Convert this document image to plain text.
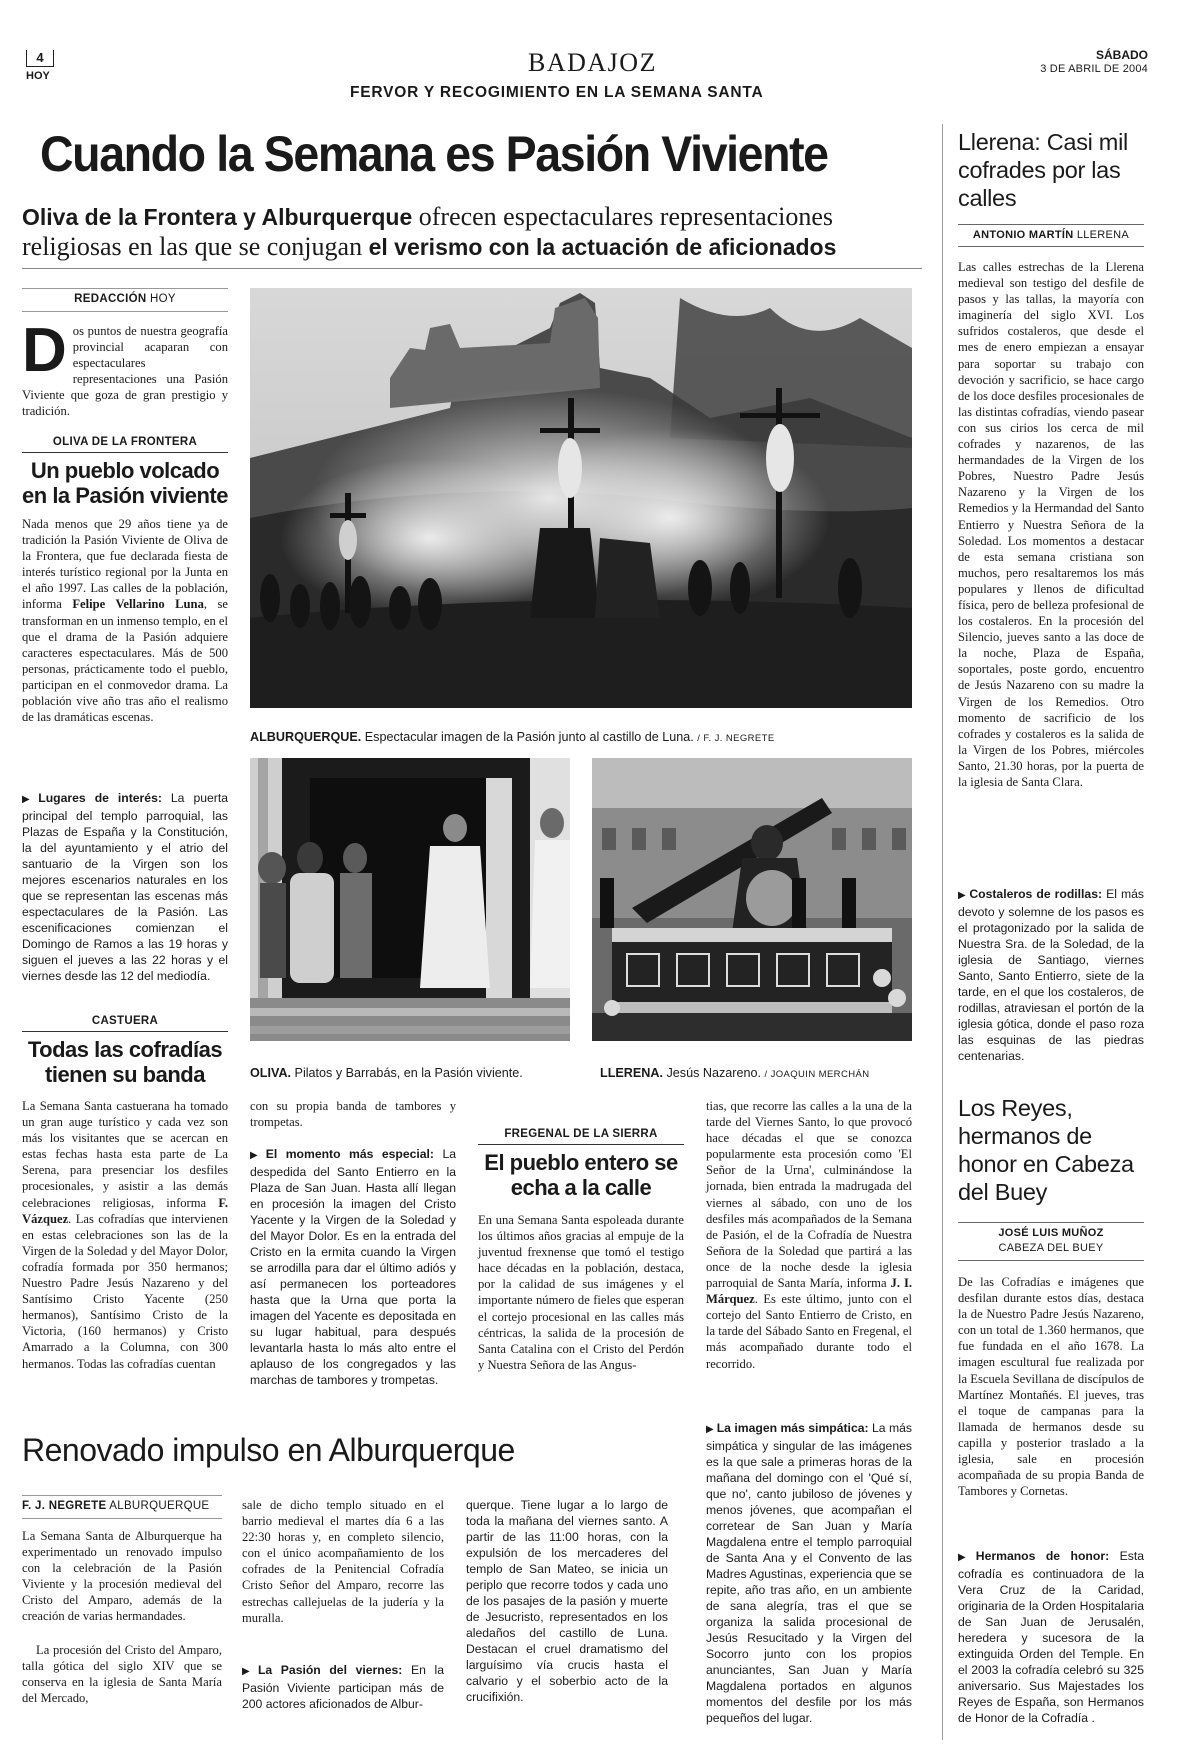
4
HOY	BADAJOZ
FERVOR Y RECOGIMIENTO EN LA SEMANA SANTA
SÁBADO
3 DE ABRIL DE 2004
Cuando la Semana es Pasión Viviente
Oliva de la Frontera y Alburquerque ofrecen espectaculares representaciones religiosas en las que se conjugan el verismo con la actuación de aficionados
REDACCIÓN HOY
D os puntos de nuestra geografía provincial acaparan con espectaculares representaciones una Pasión Viviente que goza de gran prestigio y tradición.
OLIVA DE LA FRONTERA
Un pueblo volcado en la Pasión viviente
Nada menos que 29 años tiene ya de tradición la Pasión Viviente de Oliva de la Frontera, que fue declarada fiesta de interés turístico regional por la Junta en el año 1997. Las calles de la población, informa Felipe Vellarino Luna, se transforman en un inmenso templo, en el que el drama de la Pasión adquiere caracteres espectaculares. Más de 500 personas, prácticamente todo el pueblo, participan en el conmovedor drama. La población vive año tras año el realismo de las dramáticas escenas.
▶ Lugares de interés: La puerta principal del templo parroquial, las Plazas de España y la Constitución, la del ayuntamiento y el atrio del santuario de la Virgen son los mejores escenarios naturales en los que se representan las escenas más espectaculares de la Pasión. Las escenificaciones comienzan el Domingo de Ramos a las 19 horas y siguen el jueves a las 22 horas y el viernes desde las 12 del mediodía.
CASTUERA
Todas las cofradías tienen su banda
La Semana Santa castuerana ha tomado un gran auge turístico y cada vez son más los visitantes que se acercan en estas fechas hasta esta parte de La Serena, para presenciar los desfiles procesionales, y asistir a las demás celebraciones religiosas, informa F. Vázquez. Las cofradías que intervienen en estas celebraciones son las de la Virgen de la Soledad y del Mayor Dolor, cofradía formada por 350 hermanos; Nuestro Padre Jesús Nazareno y del Santísimo Cristo Yacente (250 hermanos), Santísimo Cristo de la Victoria, (160 hermanos) y Cristo Amarrado a la Columna, con 300 hermanos. Todas las cofradías cuentan
ALBURQUERQUE. Espectacular imagen de la Pasión junto al castillo de Luna. / F. J. NEGRETE
OLIVA. Pilatos y Barrabás, en la Pasión viviente.	LLERENA. Jesús Nazareno. / JOAQUIN MERCHÁN
con su propia banda de tambores y trompetas.
▶ El momento más especial: La despedida del Santo Entierro en la Plaza de San Juan. Hasta allí llegan en procesión la imagen del Cristo Yacente y la Virgen de la Soledad y del Mayor Dolor. Es en la entrada del Cristo en la ermita cuando la Virgen se arrodilla para dar el último adiós y así permanecen los porteadores hasta que la Urna que porta la imagen del Yacente es depositada en su lugar habitual, para después levantarla hasta lo más alto entre el aplauso de los congregados y las marchas de tambores y trompetas.
FREGENAL DE LA SIERRA
El pueblo entero se echa a la calle
En una Semana Santa espoleada durante los últimos años gracias al empuje de la juventud frexnense que tomó el testigo hace décadas en la población, destaca, por la calidad de sus imágenes y el importante número de fieles que esperan el cortejo procesional en las calles más céntricas, la salida de la procesión de Santa Catalina con el Cristo del Perdón y Nuestra Señora de las Angus-
tias, que recorre las calles a la una de la tarde del Viernes Santo, lo que provocó hace décadas el que se conozca popularmente esta procesión como 'El Señor de la Urna', culminándose la jornada, bien entrada la madrugada del viernes al sábado, con uno de los desfiles más acompañados de la Semana de Pasión, el de la Cofradía de Nuestra Señora de la Soledad que partirá a las once de la noche desde la iglesia parroquial de Santa María, informa J. I. Márquez. Es este último, junto con el cortejo del Santo Entierro de Cristo, en la tarde del Sábado Santo en Fregenal, el más acompañado durante todo el recorrido.
▶ La imagen más simpática: La más simpática y singular de las imágenes es la que sale a primeras horas de la mañana del domingo con el 'Qué sí, que no', canto jubiloso de jóvenes y menos jóvenes, que acompañan el corretear de San Juan y María Magdalena entre el templo parroquial de Santa Ana y el Convento de las Madres Agustinas, experiencia que se repite, año tras año, en un ambiente de sana alegría, tras el que se organiza la salida procesional de Jesús Resucitado y la Virgen del Socorro junto con los propios anunciantes, San Juan y María Magdalena portados en algunos momentos del desfile por los más pequeños del lugar.
Renovado impulso en Alburquerque
F. J. NEGRETE ALBURQUERQUE
La Semana Santa de Alburquerque ha experimentado un renovado impulso con la celebración de la Pasión Viviente y la procesión medieval del Cristo del Amparo, además de la creación de varias hermandades.
La procesión del Cristo del Amparo, talla gótica del siglo XIV que se conserva en la iglesia de Santa María del Mercado,
sale de dicho templo situado en el barrio medieval el martes día 6 a las 22:30 horas y, en completo silencio, con el único acompañamiento de los cofrades de la Penitencial Cofradía Cristo Señor del Amparo, recorre las estrechas callejuelas de la judería y la muralla.
▶ La Pasión del viernes: En la Pasión Viviente participan más de 200 actores aficionados de Albur-
querque. Tiene lugar a lo largo de toda la mañana del viernes santo. A partir de las 11:00 horas, con la expulsión de los mercaderes del templo de San Mateo, se inicia un periplo que recorre todos y cada uno de los pasajes de la pasión y muerte de Jesucristo, representados en los aledaños del castillo de Luna. Destacan el cruel dramatismo del larguísimo vía crucis hasta el calvario y el soberbio acto de la crucifixión.
Llerena: Casi mil cofrades por las calles
ANTONIO MARTÍN LLERENA
Las calles estrechas de la Llerena medieval son testigo del desfile de pasos y las tallas, la mayoría con imaginería del siglo XVI. Los sufridos costaleros, que desde el mes de enero empiezan a ensayar para soportar su trabajo con devoción y sacrificio, se hace cargo de los doce desfiles procesionales de las distintas cofradías, viendo pasear con sus cirios los cerca de mil cofrades y nazarenos, de las hermandades de la Virgen de los Pobres, Nuestro Padre Jesús Nazareno y la Virgen de los Remedios y la Hermandad del Santo Entierro y Nuestra Señora de la Soledad. Los momentos a destacar de esta semana cristiana son muchos, pero resaltaremos los más populares y llenos de dificultad física, pero de belleza profesional de los costaleros. En la procesión del Silencio, jueves santo a las doce de la noche, Plaza de España, soportales, poste gordo, encuentro de Jesús Nazareno con su madre la Virgen de los Remedios. Otro momento de sacrificio de los cofrades y costaleros es la salida de la Virgen de los Pobres, miércoles Santo, 21.30 horas, por la puerta de la iglesia de Santa Clara.
▶ Costaleros de rodillas: El más devoto y solemne de los pasos es el protagonizado por la salida de Nuestra Sra. de la Soledad, de la iglesia de Santiago, viernes Santo, Santo Entierro, siete de la tarde, en el que los costaleros, de rodillas, atraviesan el portón de la iglesia gótica, donde el paso roza las esquinas de las piedras centenarias.
Los Reyes, hermanos de honor en Cabeza del Buey
JOSÉ LUIS MUÑOZ
CABEZA DEL BUEY
De las Cofradías e imágenes que desfilan durante estos días, destaca la de Nuestro Padre Jesús Nazareno, con un total de 1.360 hermanos, que fue fundada en el año 1678. La imagen escultural fue realizada por la Escuela Sevillana de discípulos de Martínez Montañés. El jueves, tras el toque de campanas para la llamada de hermanos desde su capilla y posterior traslado a la iglesia, sale en procesión acompañada de su propia Banda de Tambores y Cornetas.
▶ Hermanos de honor: Esta cofradía es continuadora de la Vera Cruz de la Caridad, originaria de la Orden Hospitalaria de San Juan de Jerusalén, heredera y sucesora de la extinguida Orden del Temple. En el 2003 la cofradía celebró su 325 aniversario. Sus Majestades los Reyes de España, son Hermanos de Honor de la Cofradía .
